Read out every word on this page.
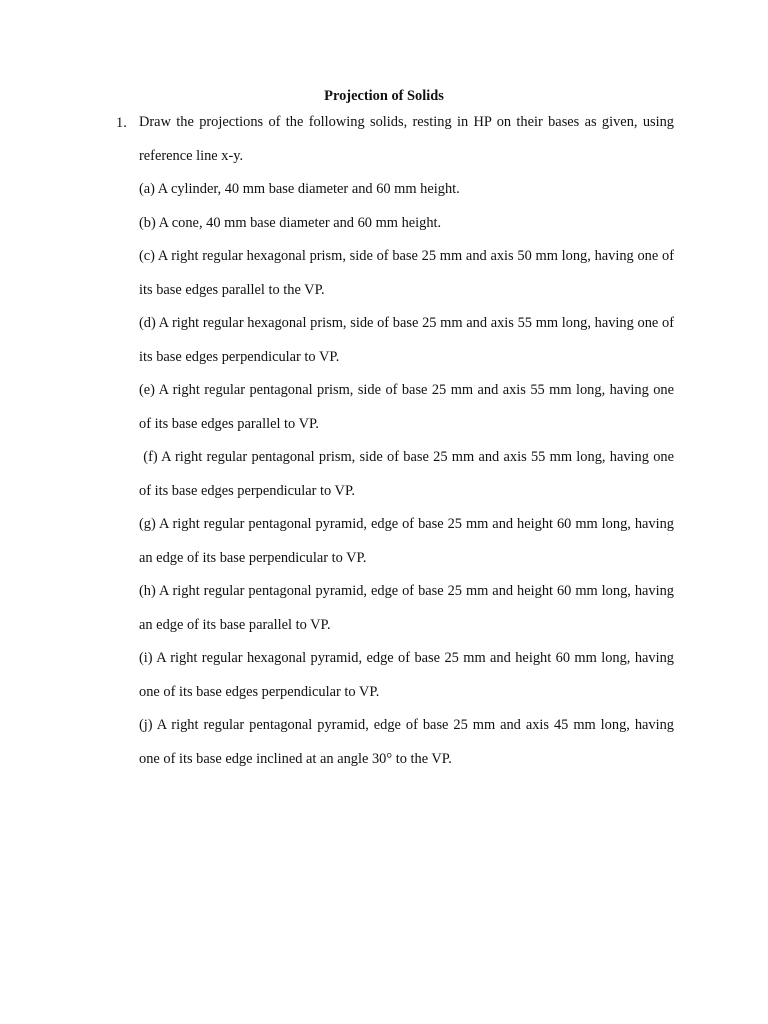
Projection of Solids
1. Draw the projections of the following solids, resting in HP on their bases as given, using reference line x-y.
(a) A cylinder, 40 mm base diameter and 60 mm height.
(b) A cone, 40 mm base diameter and 60 mm height.
(c) A right regular hexagonal prism, side of base 25 mm and axis 50 mm long, having one of its base edges parallel to the VP.
(d) A right regular hexagonal prism, side of base 25 mm and axis 55 mm long, having one of its base edges perpendicular to VP.
(e) A right regular pentagonal prism, side of base 25 mm and axis 55 mm long, having one of its base edges parallel to VP.
(f) A right regular pentagonal prism, side of base 25 mm and axis 55 mm long, having one of its base edges perpendicular to VP.
(g) A right regular pentagonal pyramid, edge of base 25 mm and height 60 mm long, having an edge of its base perpendicular to VP.
(h) A right regular pentagonal pyramid, edge of base 25 mm and height 60 mm long, having an edge of its base parallel to VP.
(i) A right regular hexagonal pyramid, edge of base 25 mm and height 60 mm long, having one of its base edges perpendicular to VP.
(j) A right regular pentagonal pyramid, edge of base 25 mm and axis 45 mm long, having one of its base edge inclined at an angle 30° to the VP.
